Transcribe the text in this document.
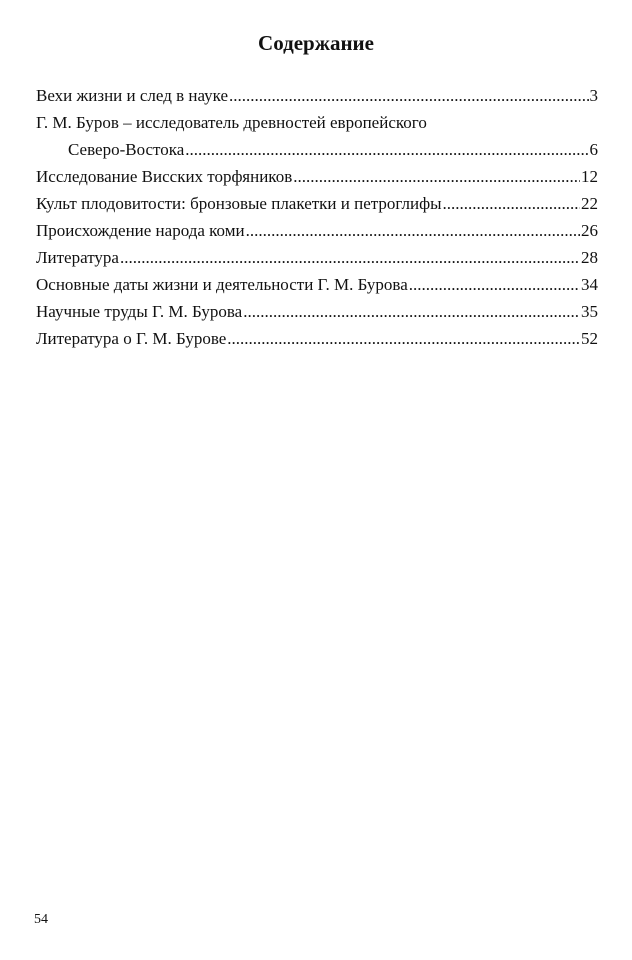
Содержание
Вехи жизни и след в науке .....	3
Г. М. Буров – исследователь древностей европейского
Северо-Востока .....	6
Исследование Висских торфяников .....	12
Культ плодовитости: бронзовые плакетки и петроглифы .....	22
Происхождение народа коми .....	26
Литература .....	28
Основные даты жизни и деятельности Г. М. Бурова .....	34
Научные труды Г. М. Бурова .....	35
Литература о Г. М. Бурове .....	52

54
